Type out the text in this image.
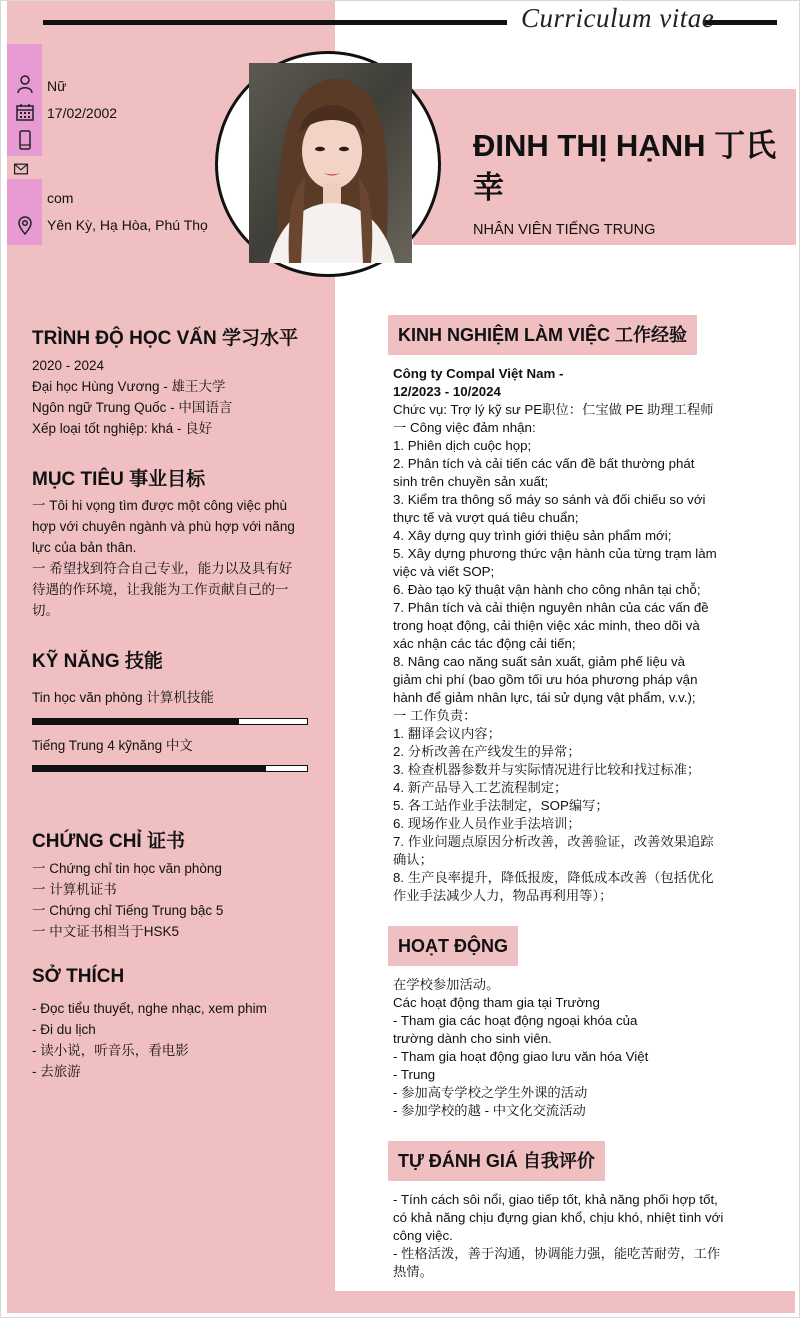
Curriculum vitae
Nữ
17/02/2002
com
Yên Kỳ, Hạ Hòa, Phú Thọ
ĐINH THỊ HẠNH 丁氏幸
NHÂN VIÊN TIẾNG TRUNG
TRÌNH ĐỘ HỌC VẤN 学习水平
2020 - 2024
Đại học Hùng Vương - 雄王大学
Ngôn ngữ Trung Quốc - 中国语言
Xếp loại tốt nghiệp: khá - 良好
MỤC TIÊU 事业目标
一 Tôi hi vọng tìm được một công việc phù
hợp với chuyên ngành và phù hợp với năng
lực của bản thân.
一 希望找到符合自己专业，能力以及具有好
待遇的作环境，让我能为工作贡献自己的一
切。
KỸ NĂNG 技能
Tin học văn phòng 计算机技能
Tiếng Trung 4 kỹnăng 中文
CHỨNG CHỈ 证书
一 Chứng chỉ tin học văn phòng
一 计算机证书
一 Chứng chỉ Tiếng Trung bậc 5
一 中文证书相当于HSK5
SỞ THÍCH
- Đọc tiểu thuyết, nghe nhạc, xem phim
- Đi du lịch
- 读小说，听音乐，看电影
- 去旅游
KINH NGHIỆM LÀM VIỆC 工作经验
Công ty Compal Việt Nam -
12/2023 - 10/2024
Chức vụ: Trợ lý kỹ sư PE职位：仁宝做 PE 助理工程师
一 Công việc đảm nhận:
1. Phiên dịch cuộc họp;
2. Phân tích và cải tiến các vấn đề bất thường phát
sinh trên chuyền sản xuất;
3. Kiểm tra thông số máy so sánh và đối chiếu so với
thực tế và vượt quá tiêu chuẩn;
4. Xây dựng quy trình giới thiệu sản phẩm mới;
5. Xây dựng phương thức vận hành của từng trạm làm
việc và viết SOP;
6. Đào tạo kỹ thuật vận hành cho công nhân tại chỗ;
7. Phân tích và cải thiện nguyên nhân của các vấn đề
trong hoạt động, cải thiện việc xác minh, theo dõi và
xác nhận các tác động cải tiến;
8. Nâng cao năng suất sản xuất, giảm phế liệu và
giảm chi phí (bao gồm tối ưu hóa phương pháp vận
hành để giảm nhân lực, tái sử dụng vật phẩm, v.v.);
一 工作负责：
1. 翻译会议内容；
2. 分析改善在产线发生的异常；
3. 检查机器参数并与实际情况进行比较和找过标准；
4. 新产品导入工艺流程制定；
5. 各工站作业手法制定，SOP编写；
6. 现场作业人员作业手法培训；
7. 作业问题点原因分析改善，改善验证，改善效果追踪
确认；
8. 生产良率提升，降低报废，降低成本改善（包括优化
作业手法减少人力，物品再利用等）；
HOẠT ĐỘNG
在学校参加活动。
Các hoạt động tham gia tại Trường
- Tham gia các hoạt động ngoại khóa của
trường dành cho sinh viên.
- Tham gia hoạt động giao lưu văn hóa Việt
- Trung
- 参加高专学校之学生外课的活动
- 参加学校的越 - 中文化交流活动
TỰ ĐÁNH GIÁ 自我评价
- Tính cách sôi nổi, giao tiếp tốt, khả năng phối hợp tốt,
có khả năng chịu đựng gian khổ, chịu khó, nhiệt tình với
công việc.
- 性格活泼，善于沟通，协调能力强，能吃苦耐劳，工作
热情。
